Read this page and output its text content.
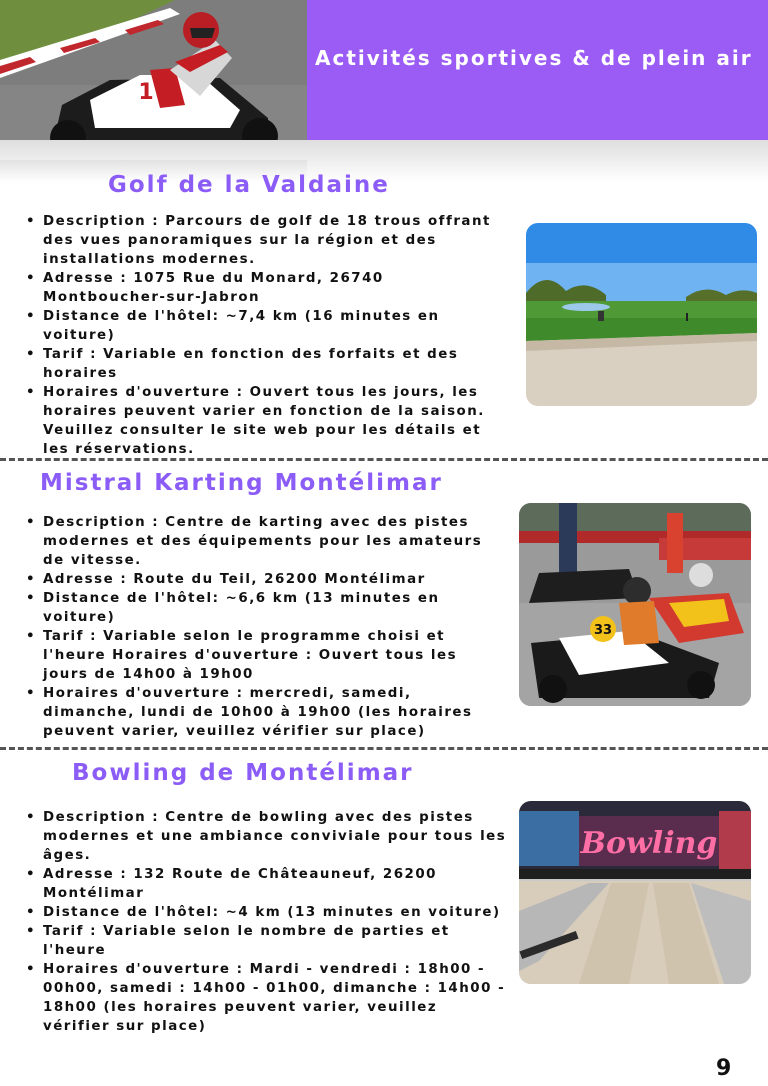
1
Activités sportives & de plein air
Golf de la Valdaine
• Description : Parcours de golf de 18 trous offrant des vues panoramiques sur la région et des installations modernes.
• Adresse : 1075 Rue du Monard, 26740 Montboucher-sur-Jabron
• Distance de l'hôtel: ~7,4 km (16 minutes en voiture)
• Tarif : Variable en fonction des forfaits et des horaires
• Horaires d'ouverture : Ouvert tous les jours, les horaires peuvent varier en fonction de la saison. Veuillez consulter le site web pour les détails et les réservations.
Mistral Karting Montélimar
• Description : Centre de karting avec des pistes modernes et des équipements pour les amateurs de vitesse.
• Adresse : Route du Teil, 26200 Montélimar
• Distance de l'hôtel: ~6,6 km (13 minutes en voiture)
• Tarif : Variable selon le programme choisi et l'heure Horaires d'ouverture : Ouvert tous les jours de 14h00 à 19h00
• Horaires d'ouverture : mercredi, samedi, dimanche, lundi de 10h00 à 19h00 (les horaires peuvent varier, veuillez vérifier sur place)
33
Bowling de Montélimar
• Description : Centre de bowling avec des pistes modernes et une ambiance conviviale pour tous les âges.
• Adresse : 132 Route de Châteauneuf, 26200 Montélimar
• Distance de l'hôtel: ~4 km (13 minutes en voiture)
• Tarif : Variable selon le nombre de parties et l'heure
• Horaires d'ouverture : Mardi - vendredi : 18h00 - 00h00, samedi : 14h00 - 01h00, dimanche : 14h00 - 18h00 (les horaires peuvent varier, veuillez vérifier sur place)
Bowling
9
